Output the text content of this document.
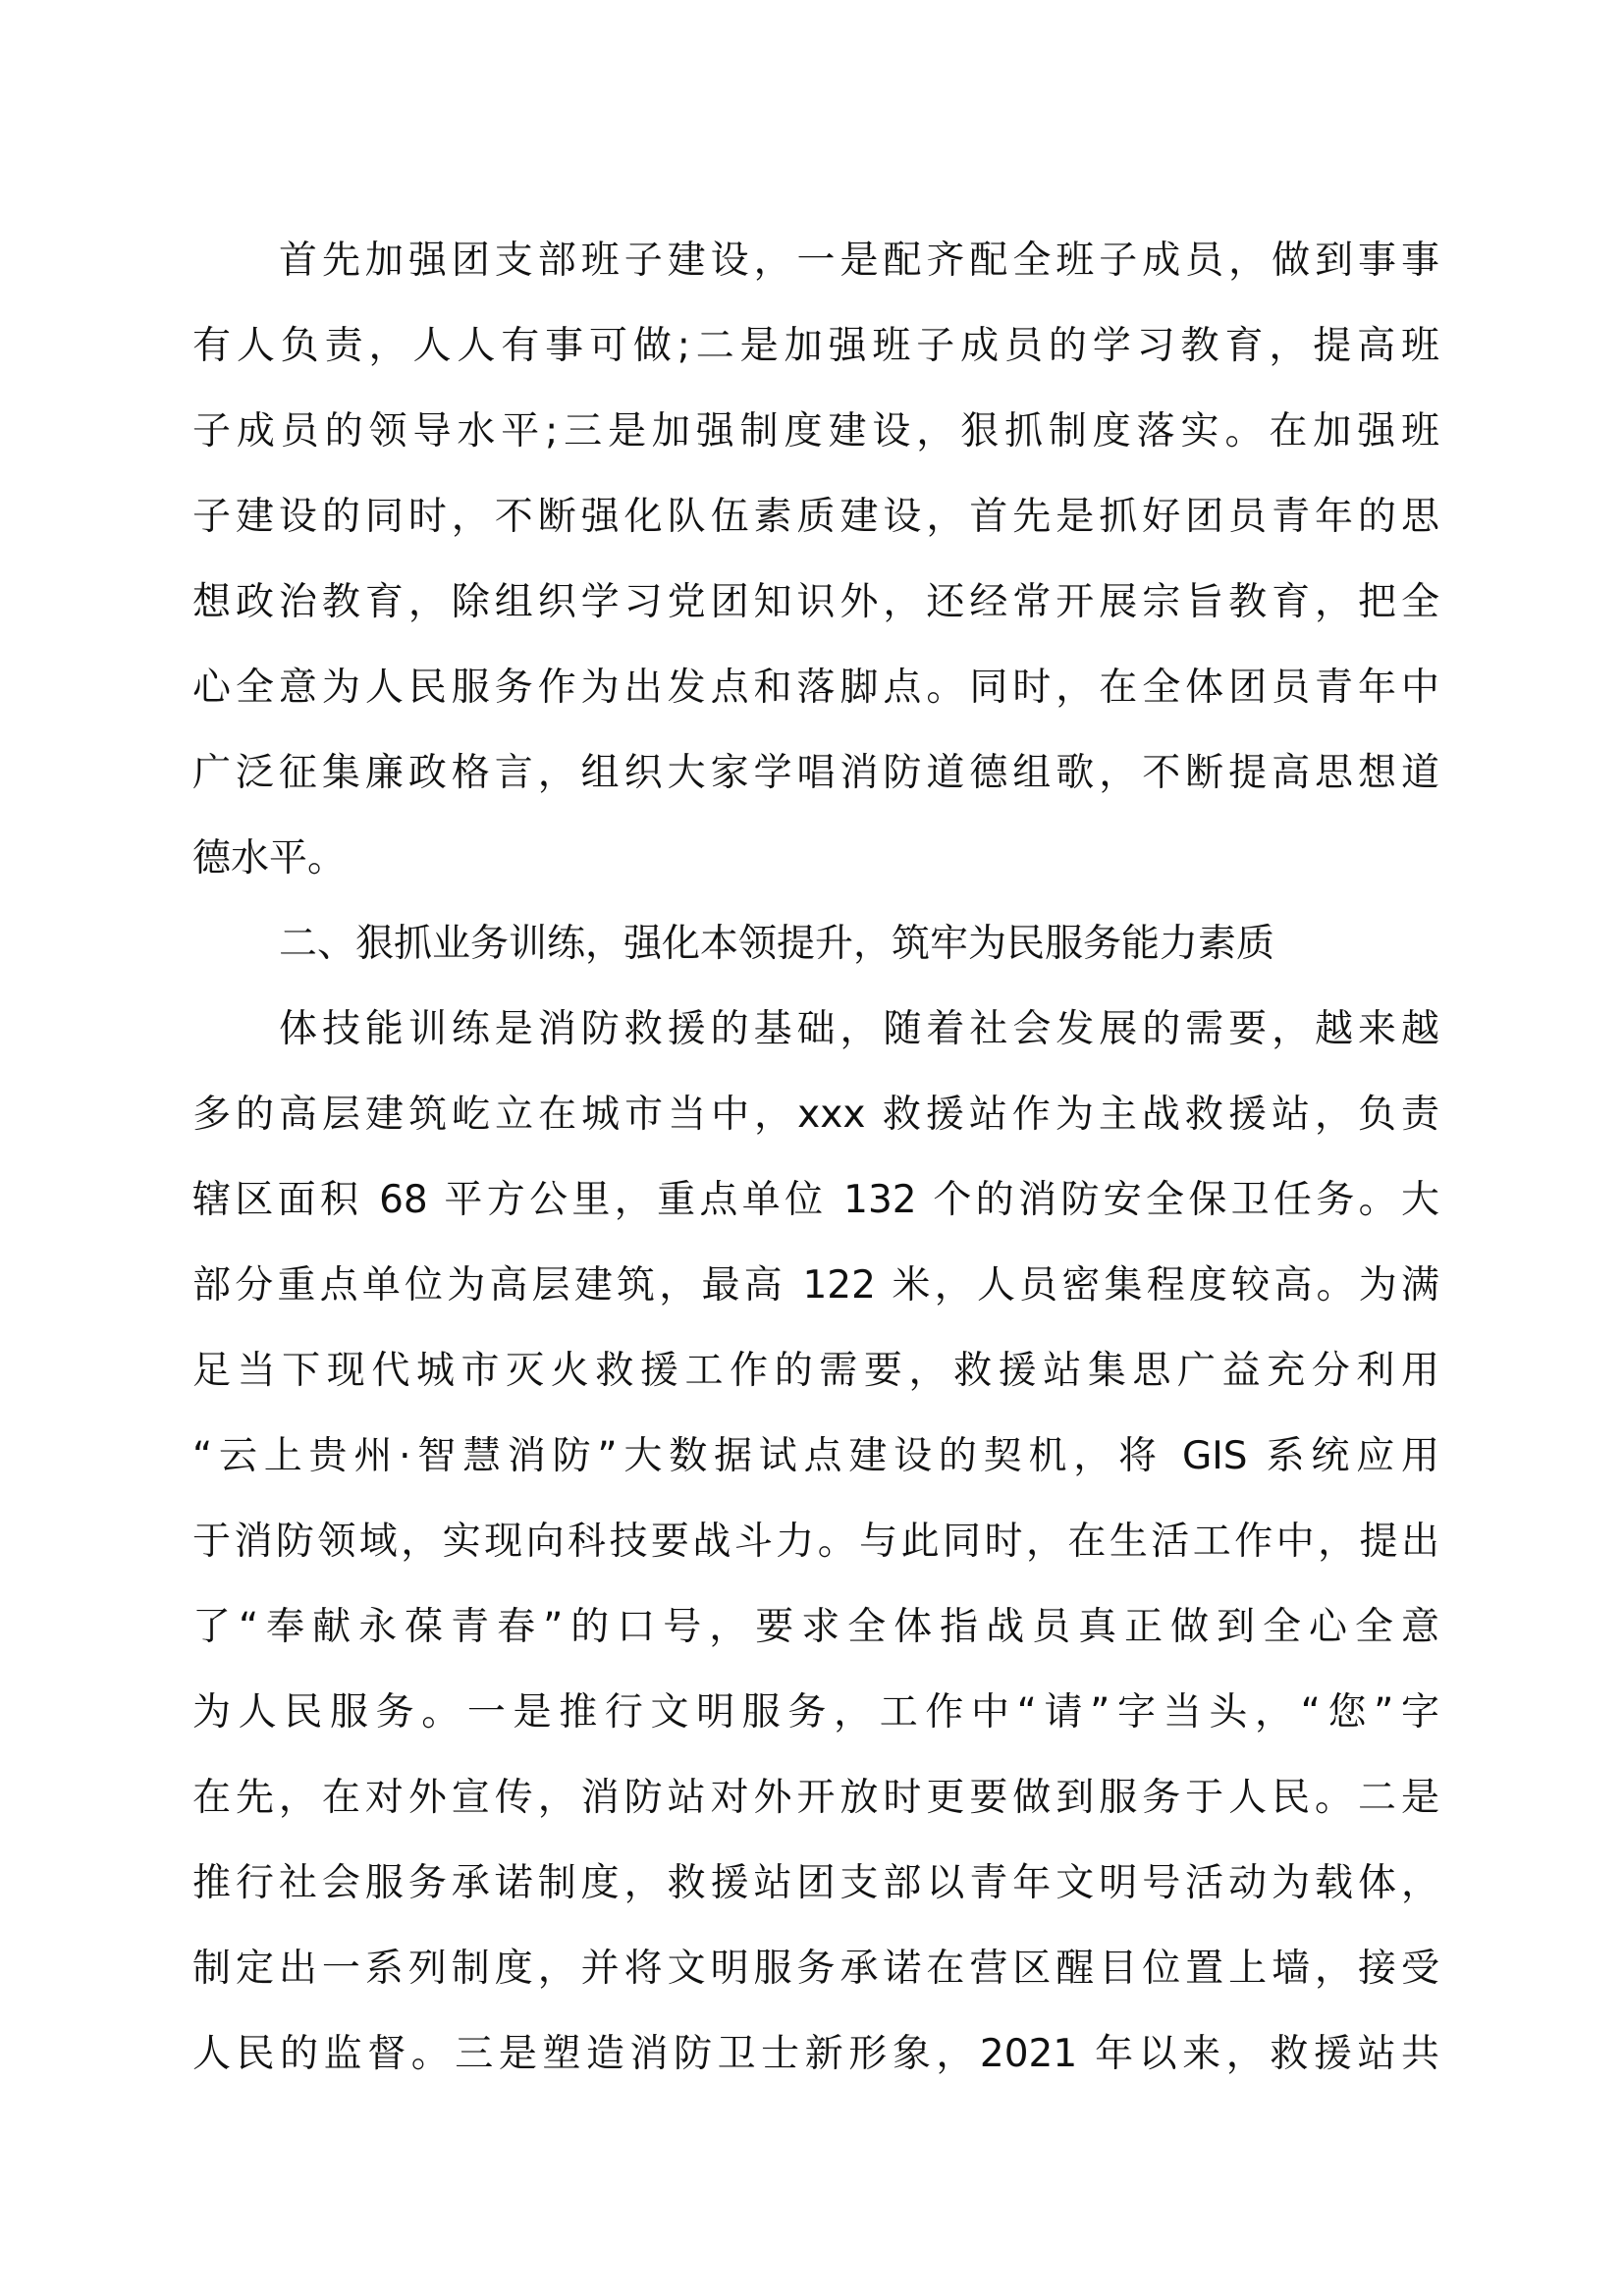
首先加强团支部班子建设，一是配齐配全班子成员，做到事事
有人负责，人人有事可做;二是加强班子成员的学习教育，提高班
子成员的领导水平;三是加强制度建设，狠抓制度落实。在加强班
子建设的同时，不断强化队伍素质建设，首先是抓好团员青年的思
想政治教育，除组织学习党团知识外，还经常开展宗旨教育，把全
心全意为人民服务作为出发点和落脚点。同时，在全体团员青年中
广泛征集廉政格言，组织大家学唱消防道德组歌，不断提高思想道
德水平。
二、狠抓业务训练，强化本领提升，筑牢为民服务能力素质
体技能训练是消防救援的基础，随着社会发展的需要，越来越
多的高层建筑屹立在城市当中，xxx 救援站作为主战救援站，负责
辖区面积 68 平方公里，重点单位 132 个的消防安全保卫任务。大
部分重点单位为高层建筑，最高 122 米，人员密集程度较高。为满
足当下现代城市灭火救援工作的需要，救援站集思广益充分利用
“云上贵州·智慧消防”大数据试点建设的契机，将 GIS 系统应用
于消防领域，实现向科技要战斗力。与此同时，在生活工作中，提出
了“奉献永葆青春”的口号，要求全体指战员真正做到全心全意
为人民服务。一是推行文明服务，工作中“请”字当头，“您”字
在先，在对外宣传，消防站对外开放时更要做到服务于人民。二是
推行社会服务承诺制度，救援站团支部以青年文明号活动为载体，
制定出一系列制度，并将文明服务承诺在营区醒目位置上墙，接受
人民的监督。三是塑造消防卫士新形象，2021 年以来，救援站共
